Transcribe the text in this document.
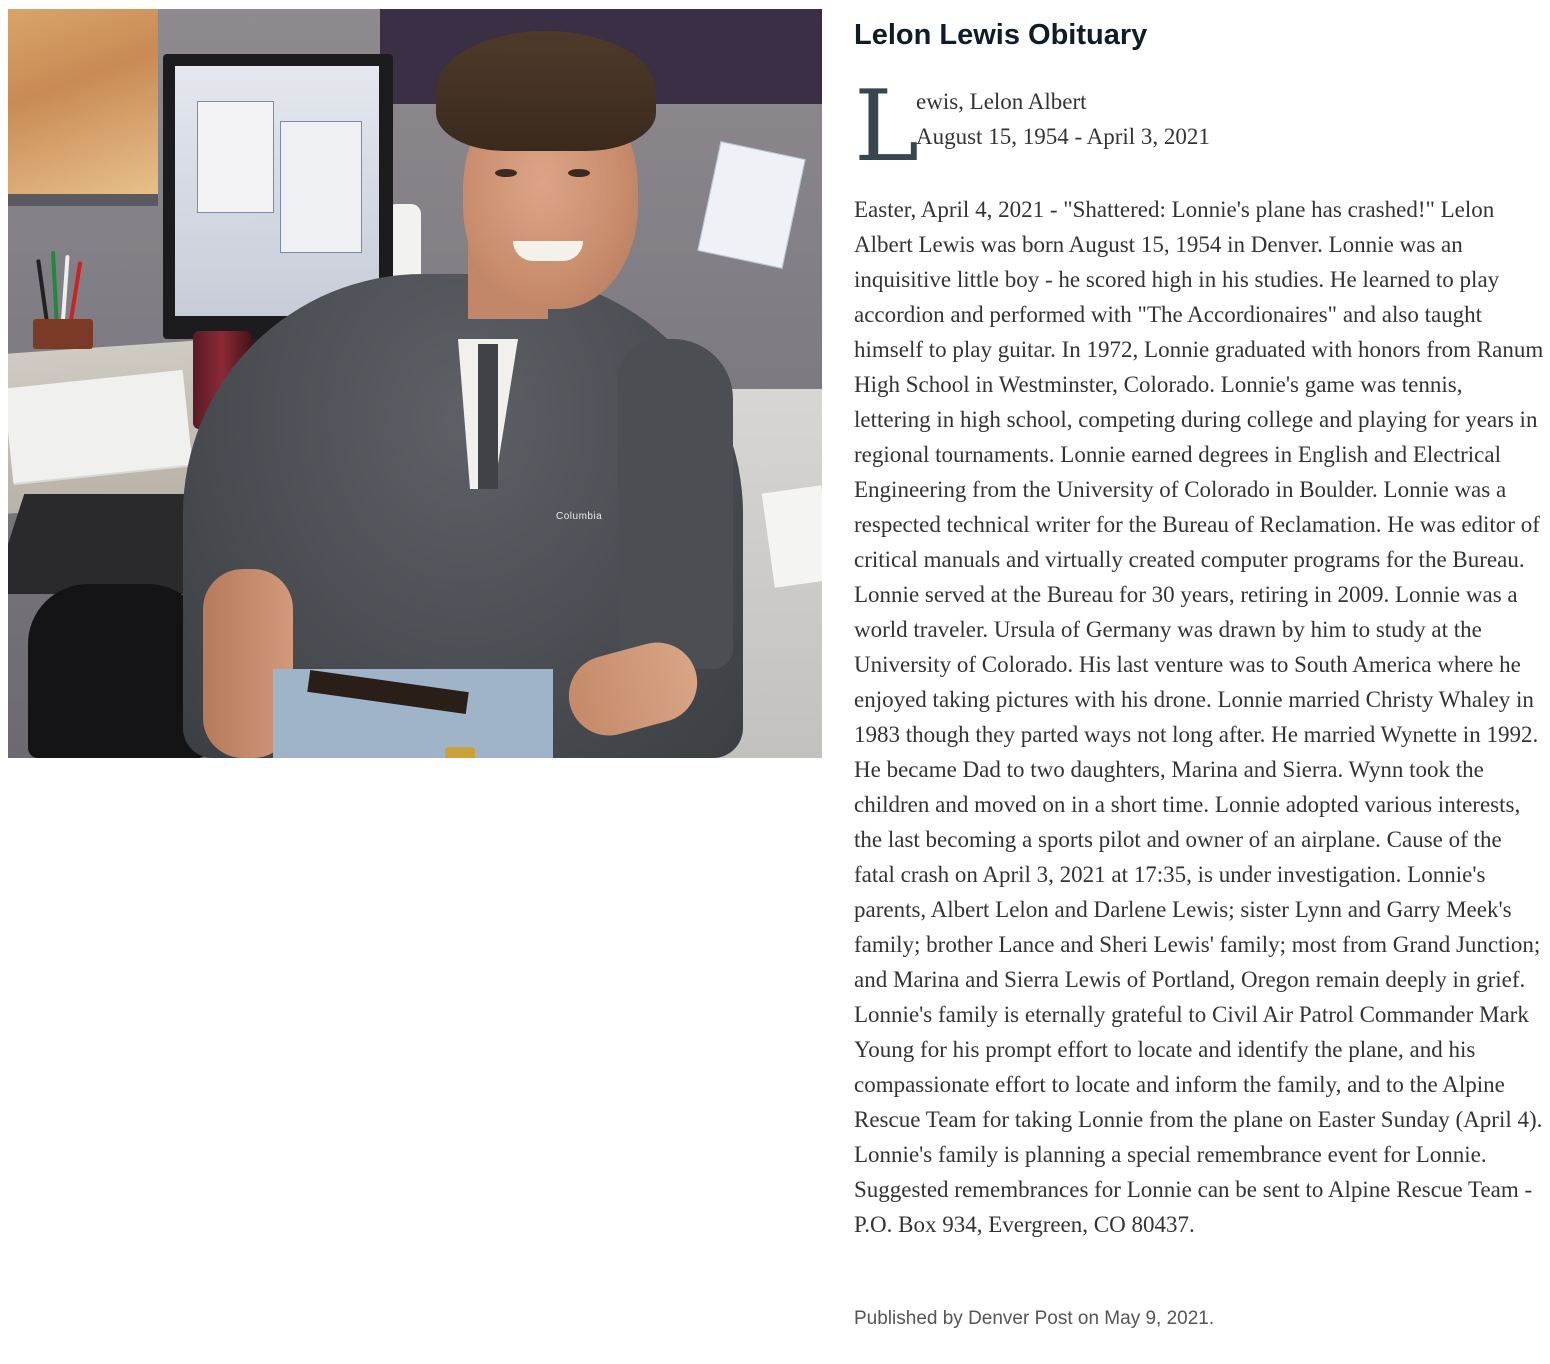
Columbia
Lelon Lewis Obituary
L
ewis, Lelon Albert
August 15, 1954 - April 3, 2021

Easter, April 4, 2021 - "Shattered: Lonnie's plane has crashed!" Lelon Albert Lewis was born August 15, 1954 in Denver. Lonnie was an inquisitive little boy - he scored high in his studies. He learned to play accordion and performed with "The Accordionaires" and also taught himself to play guitar. In 1972, Lonnie graduated with honors from Ranum High School in Westminster, Colorado. Lonnie's game was tennis, lettering in high school, competing during college and playing for years in regional tournaments. Lonnie earned degrees in English and Electrical Engineering from the University of Colorado in Boulder. Lonnie was a respected technical writer for the Bureau of Reclamation. He was editor of critical manuals and virtually created computer programs for the Bureau. Lonnie served at the Bureau for 30 years, retiring in 2009. Lonnie was a world traveler. Ursula of Germany was drawn by him to study at the University of Colorado. His last venture was to South America where he enjoyed taking pictures with his drone. Lonnie married Christy Whaley in 1983 though they parted ways not long after. He married Wynette in 1992. He became Dad to two daughters, Marina and Sierra. Wynn took the children and moved on in a short time. Lonnie adopted various interests, the last becoming a sports pilot and owner of an airplane. Cause of the fatal crash on April 3, 2021 at 17:35, is under investigation. Lonnie's parents, Albert Lelon and Darlene Lewis; sister Lynn and Garry Meek's family; brother Lance and Sheri Lewis' family; most from Grand Junction; and Marina and Sierra Lewis of Portland, Oregon remain deeply in grief. Lonnie's family is eternally grateful to Civil Air Patrol Commander Mark Young for his prompt effort to locate and identify the plane, and his compassionate effort to locate and inform the family, and to the Alpine Rescue Team for taking Lonnie from the plane on Easter Sunday (April 4). Lonnie's family is planning a special remembrance event for Lonnie. Suggested remembrances for Lonnie can be sent to Alpine Rescue Team - P.O. Box 934, Evergreen, CO 80437.

Published by Denver Post on May 9, 2021.
